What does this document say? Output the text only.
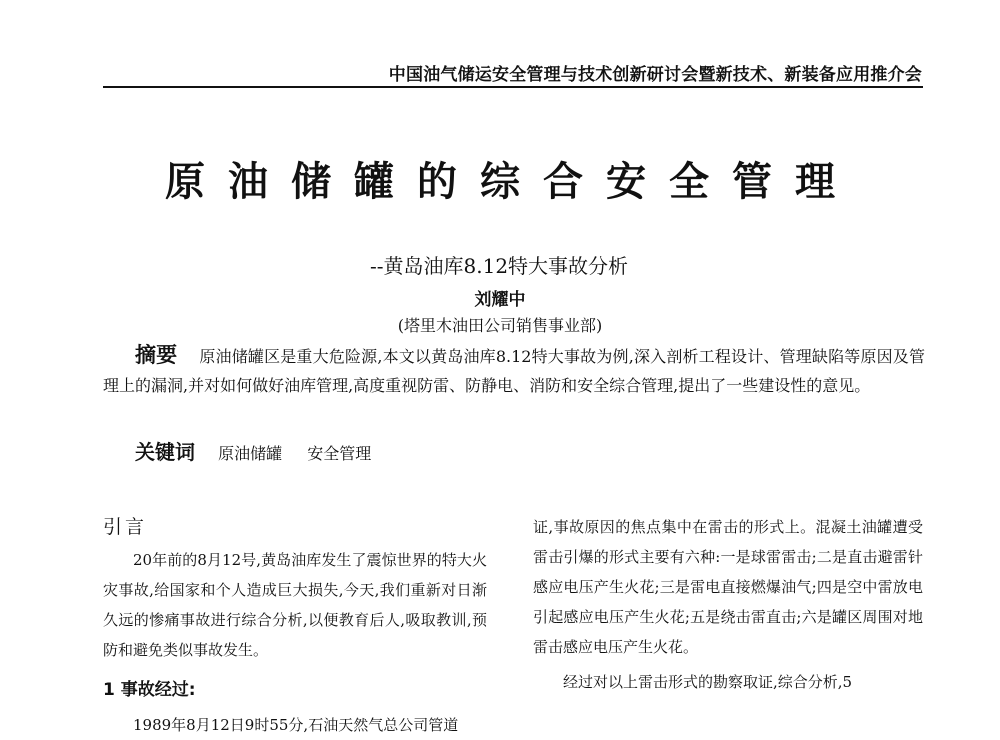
中国油气储运安全管理与技术创新研讨会暨新技术、新装备应用推介会
原油储罐的综合安全管理
--黄岛油库8.12特大事故分析
刘耀中
(塔里木油田公司销售事业部)
摘要 原油储罐区是重大危险源,本文以黄岛油库8.12特大事故为例,深入剖析工程设计、管理缺陷等原因及管理上的漏洞,并对如何做好油库管理,高度重视防雷、防静电、消防和安全综合管理,提出了一些建设性的意见。
关键词 原油储罐 安全管理
引言

20年前的8月12号,黄岛油库发生了震惊世界的特大火灾事故,给国家和个人造成巨大损失,今天,我们重新对日渐久远的惨痛事故进行综合分析,以便教育后人,吸取教训,预防和避免类似事故发生。

1 事故经过:
1989年8月12日9时55分,石油天然气总公司管道

证,事故原因的焦点集中在雷击的形式上。混凝土油罐遭受雷击引爆的形式主要有六种:一是球雷雷击;二是直击避雷针感应电压产生火花;三是雷电直接燃爆油气;四是空中雷放电引起感应电压产生火花;五是绕击雷直击;六是罐区周围对地雷击感应电压产生火花。

经过对以上雷击形式的勘察取证,综合分析,5
